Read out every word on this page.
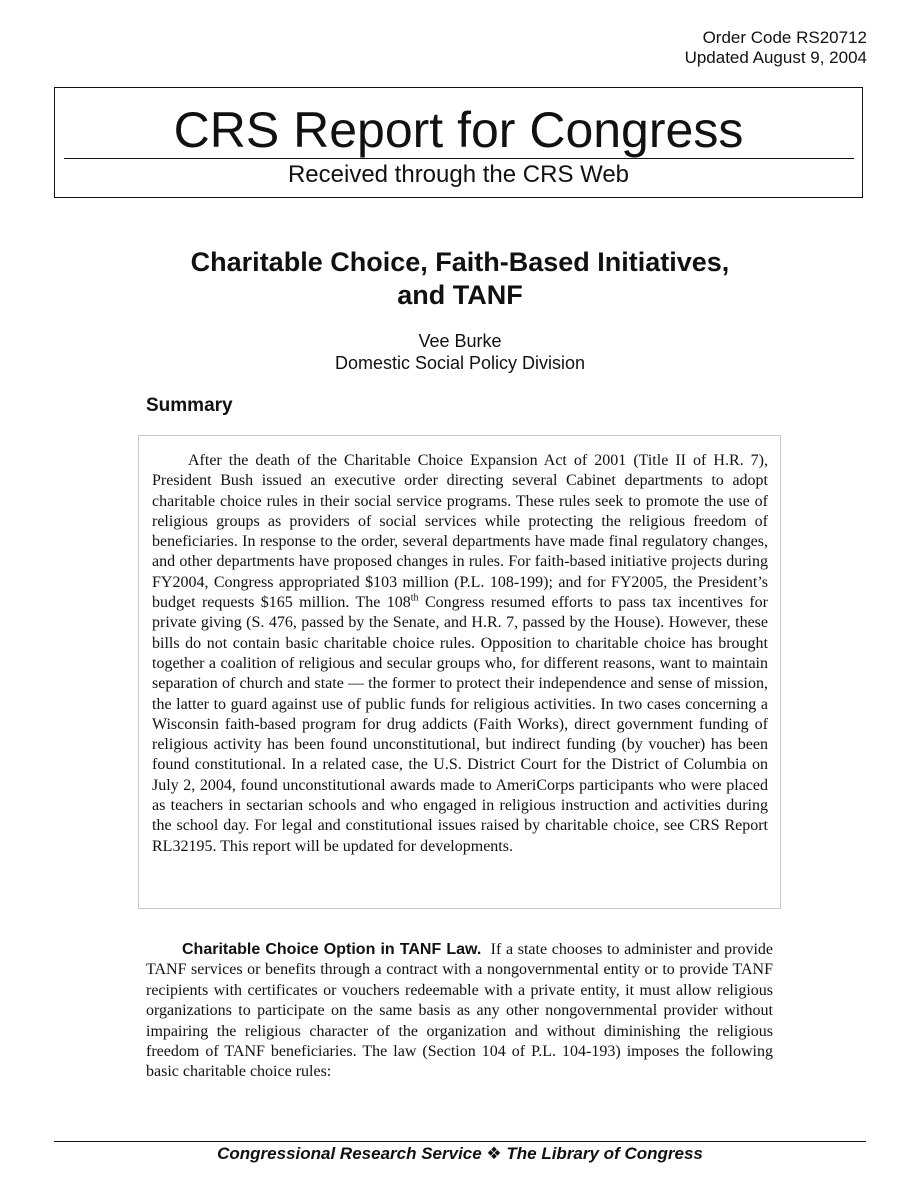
Order Code RS20712
Updated August 9, 2004
CRS Report for Congress
Received through the CRS Web
Charitable Choice, Faith-Based Initiatives,
and TANF
Vee Burke
Domestic Social Policy Division
Summary

After the death of the Charitable Choice Expansion Act of 2001 (Title II of H.R. 7), President Bush issued an executive order directing several Cabinet departments to adopt charitable choice rules in their social service programs. These rules seek to promote the use of religious groups as providers of social services while protecting the religious freedom of beneficiaries. In response to the order, several departments have made final regulatory changes, and other departments have proposed changes in rules. For faith-based initiative projects during FY2004, Congress appropriated $103 million (P.L. 108-199); and for FY2005, the President’s budget requests $165 million. The 108th Congress resumed efforts to pass tax incentives for private giving (S. 476, passed by the Senate, and H.R. 7, passed by the House). However, these bills do not contain basic charitable choice rules. Opposition to charitable choice has brought together a coalition of religious and secular groups who, for different reasons, want to maintain separation of church and state — the former to protect their independence and sense of mission, the latter to guard against use of public funds for religious activities. In two cases concerning a Wisconsin faith-based program for drug addicts (Faith Works), direct government funding of religious activity has been found unconstitutional, but indirect funding (by voucher) has been found constitutional. In a related case, the U.S. District Court for the District of Columbia on July 2, 2004, found unconstitutional awards made to AmeriCorps participants who were placed as teachers in sectarian schools and who engaged in religious instruction and activities during the school day. For legal and constitutional issues raised by charitable choice, see CRS Report RL32195. This report will be updated for developments.

Charitable Choice Option in TANF Law. If a state chooses to administer and provide TANF services or benefits through a contract with a nongovernmental entity or to provide TANF recipients with certificates or vouchers redeemable with a private entity, it must allow religious organizations to participate on the same basis as any other nongovernmental provider without impairing the religious character of the organization and without diminishing the religious freedom of TANF beneficiaries. The law (Section 104 of P.L. 104-193) imposes the following basic charitable choice rules:

Congressional Research Service ❖ The Library of Congress
